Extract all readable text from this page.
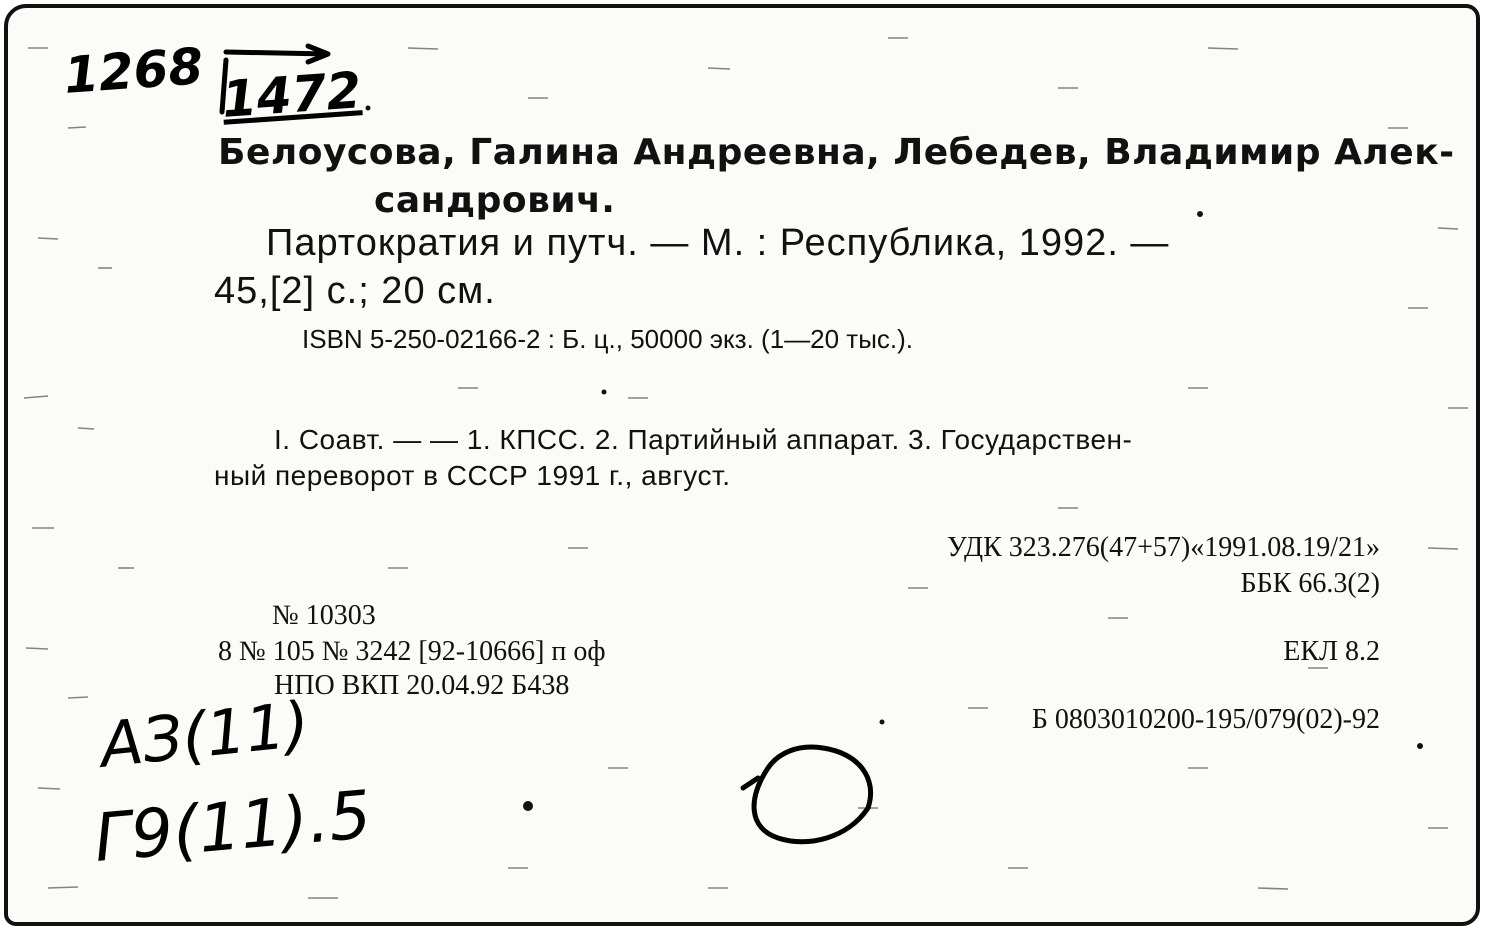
1268 1472
АЗ(11)
Г9(11).5
Белоусова, Галина Андреевна, Лебедев, Владимир Алек-
сандрович.
Партократия и путч. — М. : Республика, 1992. —
45,[2] с.; 20 см.
ISBN 5-250-02166-2 : Б. ц., 50000 экз. (1—20 тыс.).
I. Соавт. — — 1. КПСС. 2. Партийный аппарат. 3. Государствен-
ный переворот в СССР 1991 г., август.
УДК 323.276(47+57)«1991.08.19/21»
ББК 66.3(2)
ЕКЛ 8.2
Б 0803010200-195/079(02)-92
№ 10303
8 № 105 № 3242 [92-10666] п оф
НПО ВКП 20.04.92 Б438
